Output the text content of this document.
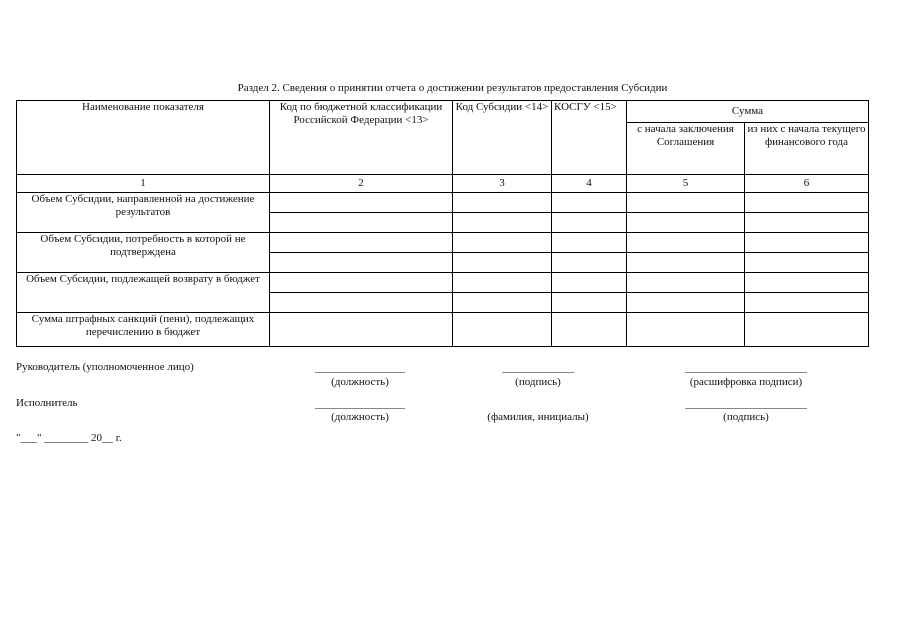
Раздел 2. Сведения о принятии отчета о достижении результатов предоставления Субсидии
Наименование показателя	Код по бюджетной классификации Российской Федерации <13>	Код Субсидии <14>	КОСГУ <15>	Сумма	
				с начала заключения Соглашения	из них с начала текущего финансового года
1	2	3	4	5	6
Объем Субсидии, направленной на достижение результатов					

Объем Субсидии, потребность в которой не подтверждена					

Объем Субсидии, подлежащей возврату в бюджет					

Сумма штрафных санкций (пени), подлежащих перечислению в бюджет					
Руководитель (уполномоченное лицо)
(должность)	(подпись)	(расшифровка подписи)
Исполнитель
(должность)	(фамилия, инициалы)	(подпись)
"___" ________ 20__ г.
